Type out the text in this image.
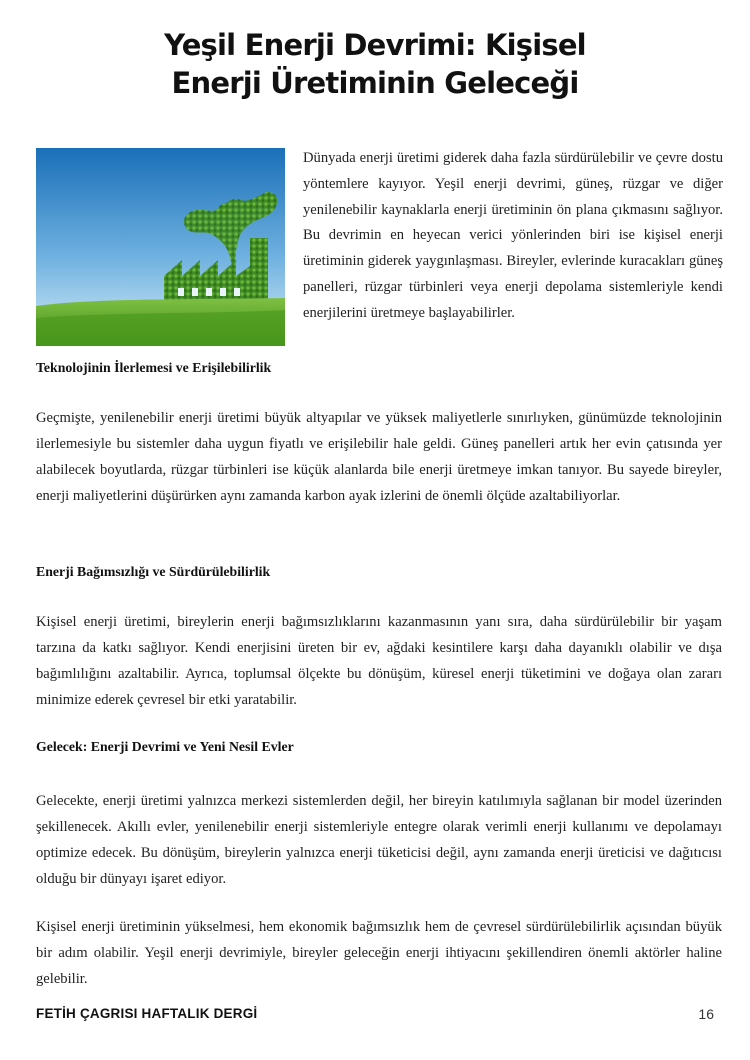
Yeşil Enerji Devrimi: Kişisel
Enerji Üretiminin Geleceği

Dünyada enerji üretimi giderek daha fazla sürdürülebilir ve çevre dostu yöntemlere kayıyor. Yeşil enerji devrimi, güneş, rüzgar ve diğer yenilenebilir kaynaklarla enerji üretiminin ön plana çıkmasını sağlıyor. Bu devrimin en heyecan verici yönlerinden biri ise kişisel enerji üretiminin giderek yaygınlaşması. Bireyler, evlerinde kuracakları güneş panelleri, rüzgar türbinleri veya enerji depolama sistemleriyle kendi enerjilerini üretmeye başlayabilirler.

Teknolojinin İlerlemesi ve Erişilebilirlik

Geçmişte, yenilenebilir enerji üretimi büyük altyapılar ve yüksek maliyetlerle sınırlıyken, günümüzde teknolojinin ilerlemesiyle bu sistemler daha uygun fiyatlı ve erişilebilir hale geldi. Güneş panelleri artık her evin çatısında yer alabilecek boyutlarda, rüzgar türbinleri ise küçük alanlarda bile enerji üretmeye imkan tanıyor. Bu sayede bireyler, enerji maliyetlerini düşürürken aynı zamanda karbon ayak izlerini de önemli ölçüde azaltabiliyorlar.

Enerji Bağımsızlığı ve Sürdürülebilirlik

Kişisel enerji üretimi, bireylerin enerji bağımsızlıklarını kazanmasının yanı sıra, daha sürdürülebilir bir yaşam tarzına da katkı sağlıyor. Kendi enerjisini üreten bir ev, ağdaki kesintilere karşı daha dayanıklı olabilir ve dışa bağımlılığını azaltabilir. Ayrıca, toplumsal ölçekte bu dönüşüm, küresel enerji tüketimini ve doğaya olan zararı minimize ederek çevresel bir etki yaratabilir.

Gelecek: Enerji Devrimi ve Yeni Nesil Evler

Gelecekte, enerji üretimi yalnızca merkezi sistemlerden değil, her bireyin katılımıyla sağlanan bir model üzerinden şekillenecek. Akıllı evler, yenilenebilir enerji sistemleriyle entegre olarak verimli enerji kullanımı ve depolamayı optimize edecek. Bu dönüşüm, bireylerin yalnızca enerji tüketicisi değil, aynı zamanda enerji üreticisi ve dağıtıcısı olduğu bir dünyayı işaret ediyor.

Kişisel enerji üretiminin yükselmesi, hem ekonomik bağımsızlık hem de çevresel sürdürülebilirlik açısından büyük bir adım olabilir. Yeşil enerji devrimiyle, bireyler geleceğin enerji ihtiyacını şekillendiren önemli aktörler haline gelebilir.

FETİH ÇAGRISI HAFTALIK DERGİ	16
